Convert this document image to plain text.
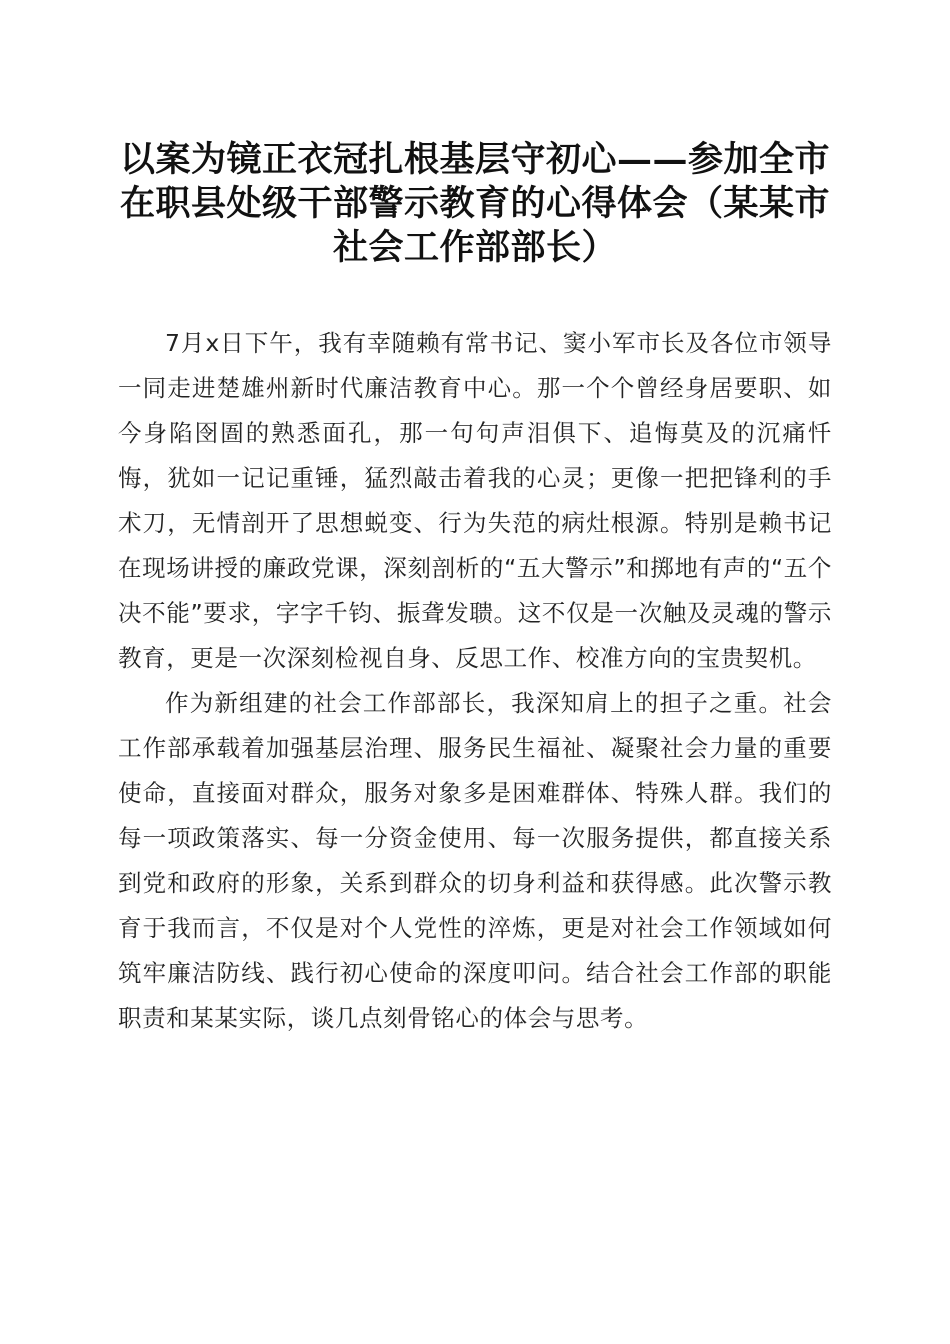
以案为镜正衣冠扎根基层守初心——参加全市
在职县处级干部警示教育的心得体会（某某市
社会工作部部长）

7月x日下午，我有幸随赖有常书记、窦小军市长及各位市领导一同走进楚雄州新时代廉洁教育中心。那一个个曾经身居要职、如今身陷囹圄的熟悉面孔，那一句句声泪俱下、追悔莫及的沉痛忏悔，犹如一记记重锤，猛烈敲击着我的心灵；更像一把把锋利的手术刀，无情剖开了思想蜕变、行为失范的病灶根源。特别是赖书记在现场讲授的廉政党课，深刻剖析的“五大警示”和掷地有声的“五个决不能”要求，字字千钧、振聋发聩。这不仅是一次触及灵魂的警示教育，更是一次深刻检视自身、反思工作、校准方向的宝贵契机。

作为新组建的社会工作部部长，我深知肩上的担子之重。社会工作部承载着加强基层治理、服务民生福祉、凝聚社会力量的重要使命，直接面对群众，服务对象多是困难群体、特殊人群。我们的每一项政策落实、每一分资金使用、每一次服务提供，都直接关系到党和政府的形象，关系到群众的切身利益和获得感。此次警示教育于我而言，不仅是对个人党性的淬炼，更是对社会工作领域如何筑牢廉洁防线、践行初心使命的深度叩问。结合社会工作部的职能职责和某某实际，谈几点刻骨铭心的体会与思考。
